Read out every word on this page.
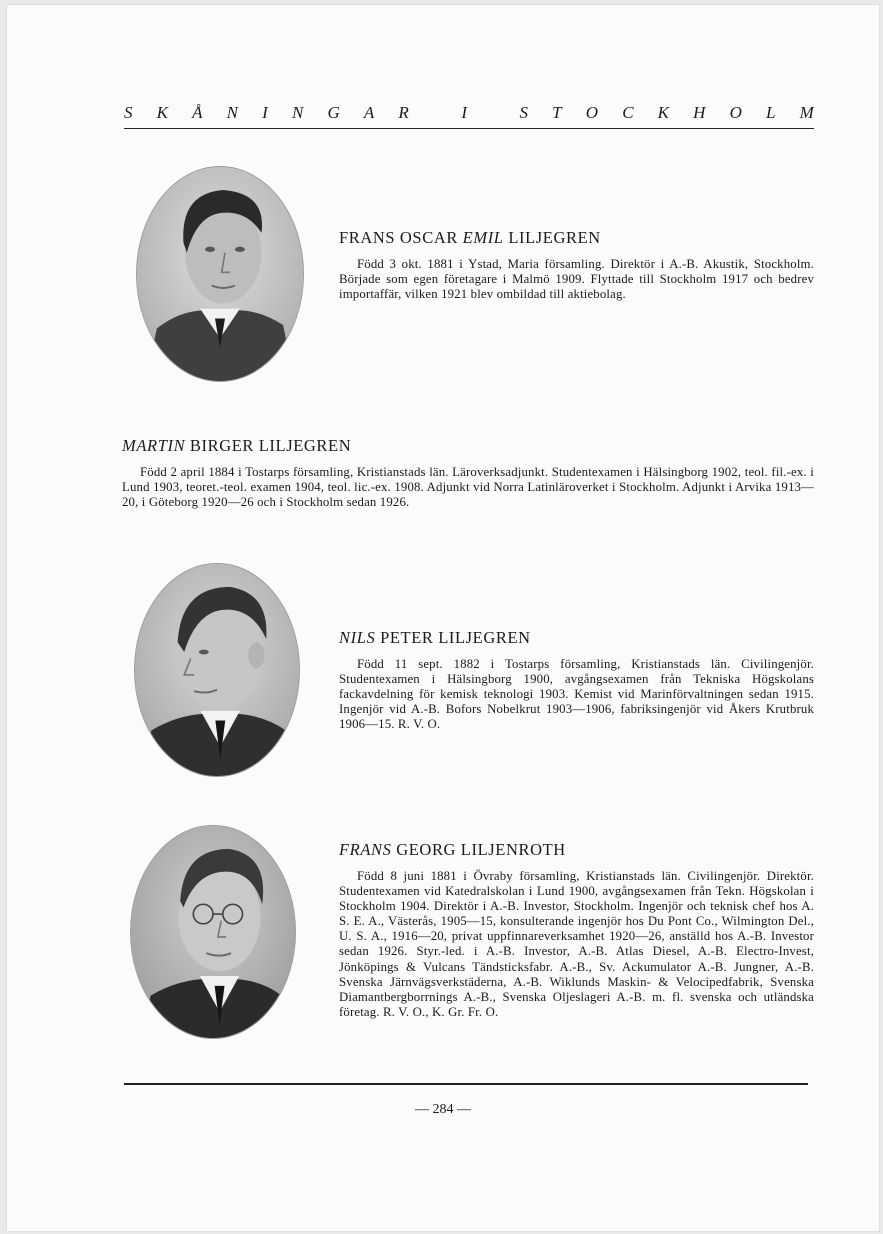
S K Å N I N G A R
	I
	S T O C K H O L M
FRANS OSCAR EMIL LILJEGREN
Född 3 okt. 1881 i Ystad, Maria församling. Direktör i A.-B. Akustik, Stockholm. Började som egen företagare i Malmö 1909. Flyttade till Stockholm 1917 och bedrev importaffär, vilken 1921 blev ombildad till aktiebolag.
MARTIN BIRGER LILJEGREN
Född 2 april 1884 i Tostarps församling, Kristianstads län. Läroverksadjunkt. Studentexamen i Hälsingborg 1902, teol. fil.-ex. i Lund 1903, teoret.-teol. examen 1904, teol. lic.-ex. 1908. Adjunkt vid Norra Latinläroverket i Stockholm. Adjunkt i Arvika 1913—20, i Göteborg 1920—26 och i Stockholm sedan 1926.
NILS PETER LILJEGREN
Född 11 sept. 1882 i Tostarps församling, Kristianstads län. Civilingenjör. Studentexamen i Hälsingborg 1900, avgångsexamen från Tekniska Högskolans fackavdelning för kemisk teknologi 1903. Kemist vid Marinförvaltningen sedan 1915. Ingenjör vid A.-B. Bofors Nobelkrut 1903—1906, fabriksingenjör vid Åkers Krutbruk 1906—15. R. V. O.
FRANS GEORG LILJENROTH
Född 8 juni 1881 i Övraby församling, Kristianstads län. Civilingenjör. Direktör. Studentexamen vid Katedralskolan i Lund 1900, avgångsexamen från Tekn. Högskolan i Stockholm 1904. Direktör i A.-B. Investor, Stockholm. Ingenjör och teknisk chef hos A. S. E. A., Västerås, 1905—15, konsulterande ingenjör hos Du Pont Co., Wilmington Del., U. S. A., 1916—20, privat uppfinnareverksamhet 1920—26, anställd hos A.-B. Investor sedan 1926. Styr.-led. i A.-B. Investor, A.-B. Atlas Diesel, A.-B. Electro-Invest, Jönköpings & Vulcans Tändsticksfabr. A.-B., Sv. Ackumulator A.-B. Jungner, A.-B. Svenska Järnvägsverkstäderna, A.-B. Wiklunds Maskin- & Velocipedfabrik, Svenska Diamantbergborrnings A.-B., Svenska Oljeslageri A.-B. m. fl. svenska och utländska företag. R. V. O., K. Gr. Fr. O.
— 284 —
